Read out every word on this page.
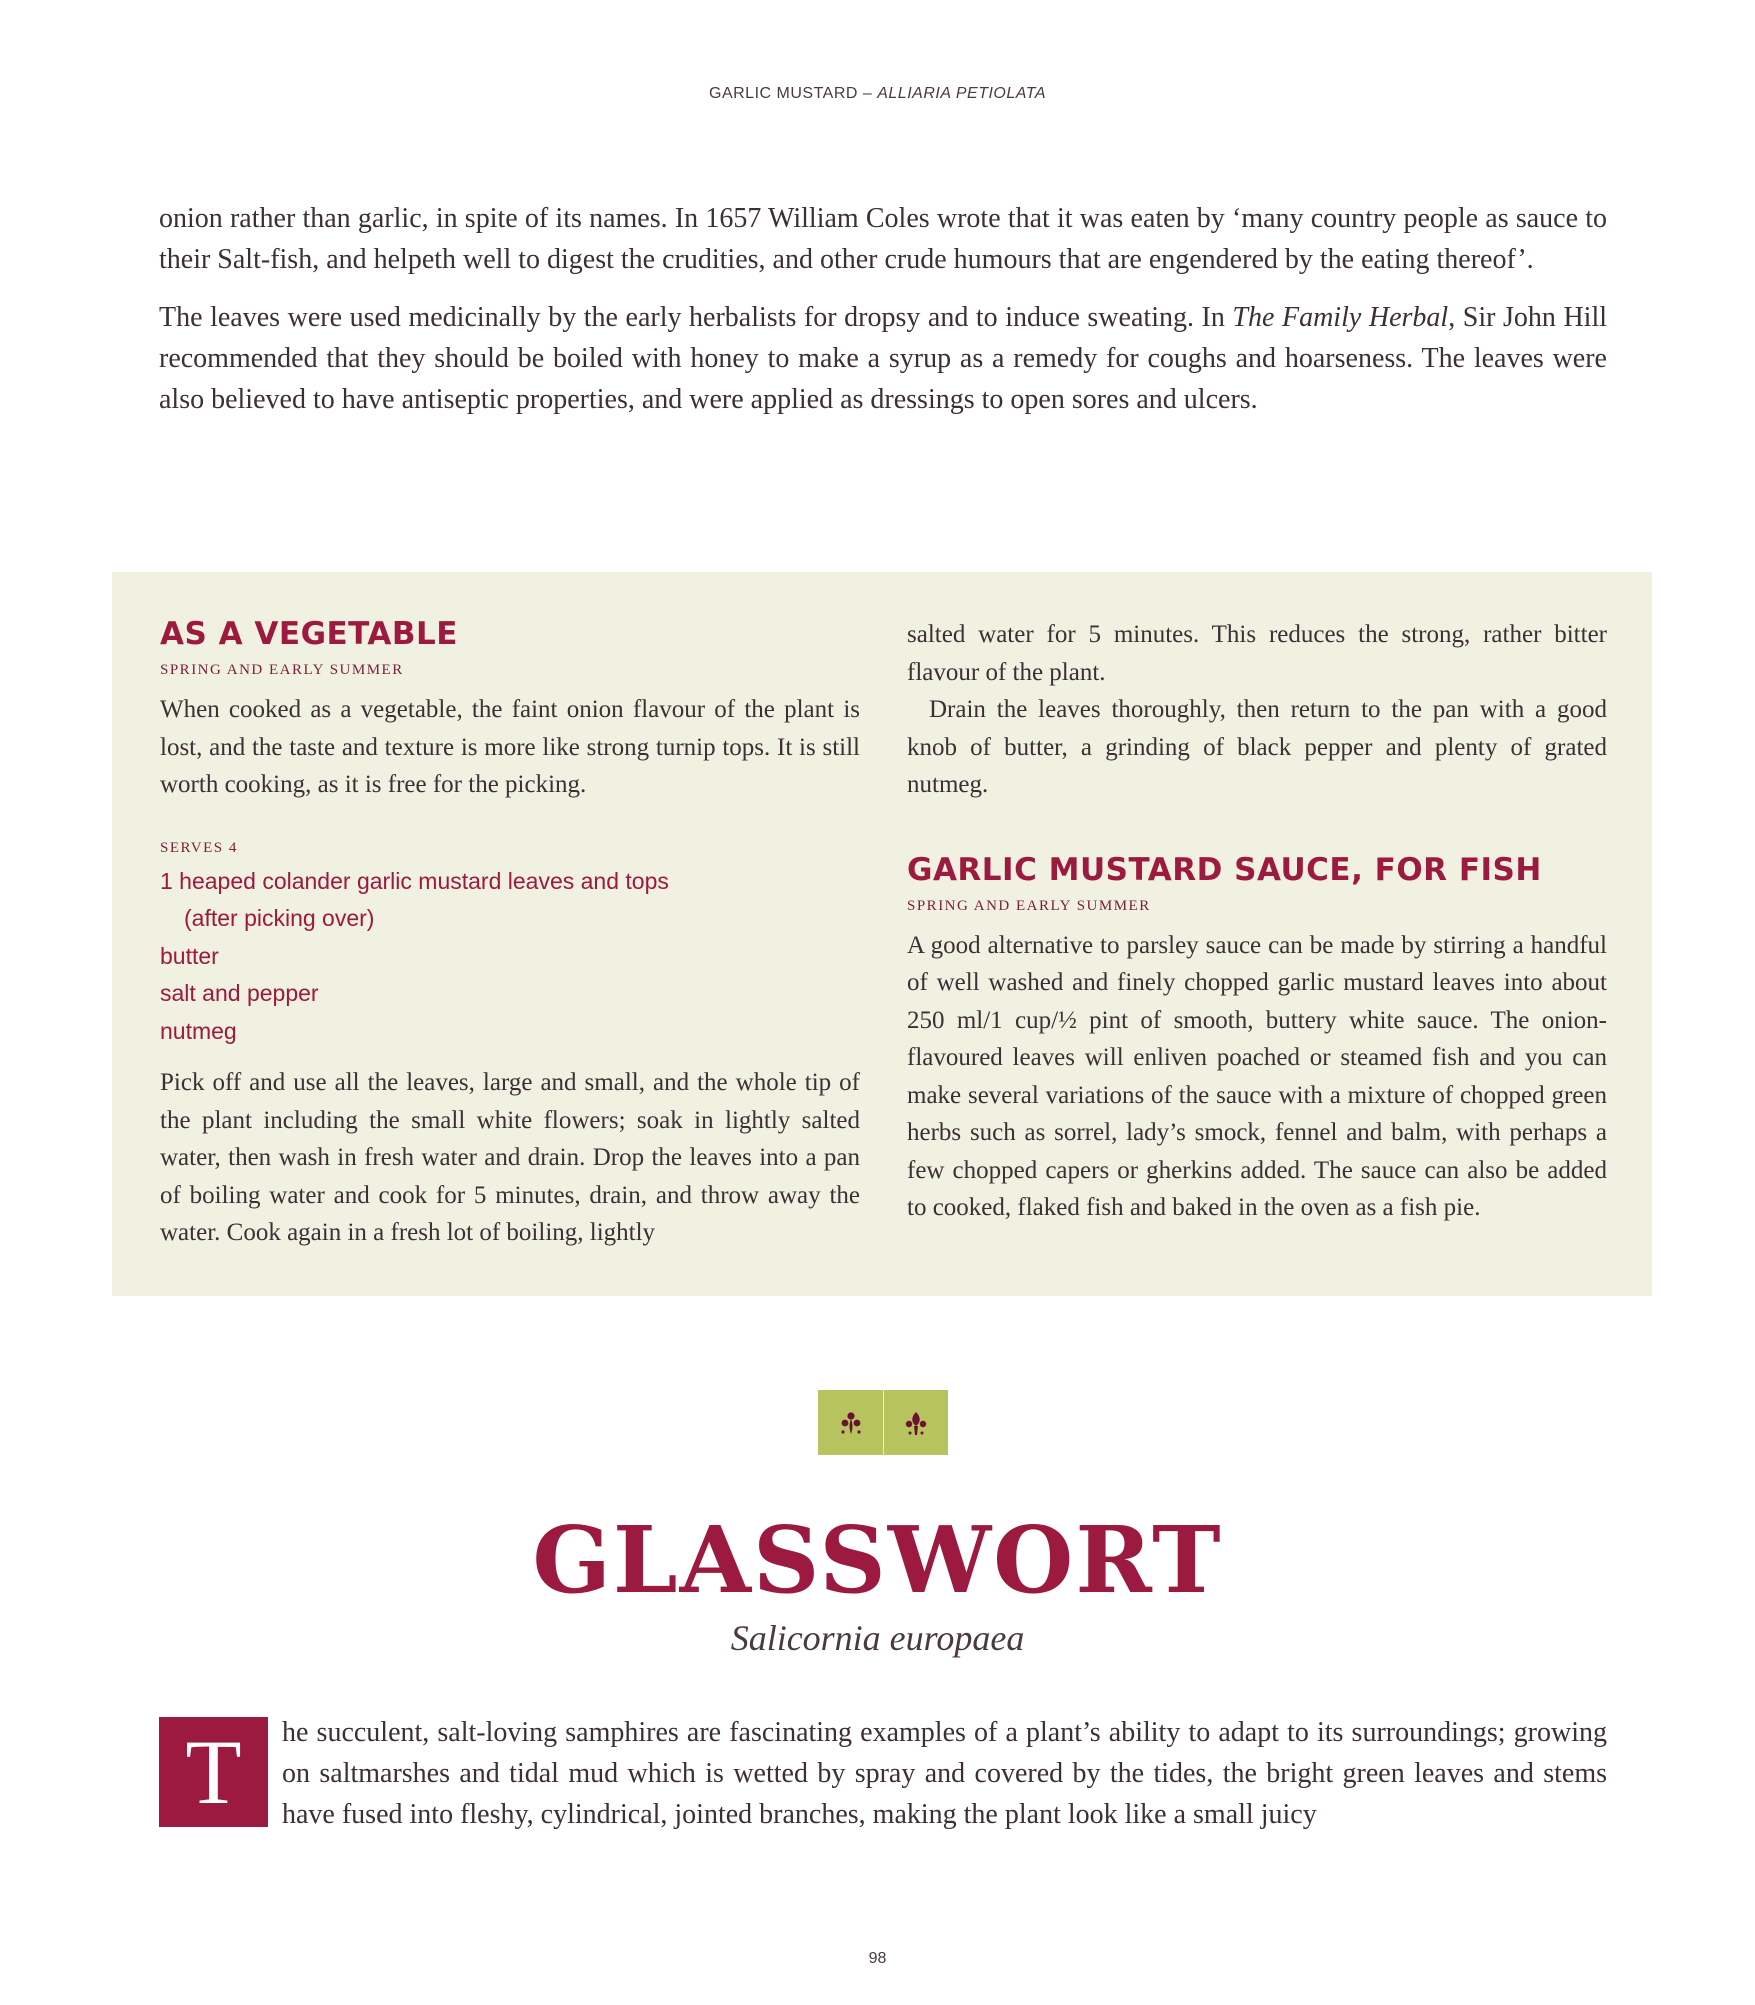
GARLIC MUSTARD – ALLIARIA PETIOLATA

onion rather than garlic, in spite of its names. In 1657 William Coles wrote that it was eaten by ‘many country people as sauce to their Salt-fish, and helpeth well to digest the crudities, and other crude humours that are engendered by the eating thereof’.

The leaves were used medicinally by the early herbalists for dropsy and to induce sweating. In The Family Herbal, Sir John Hill recommended that they should be boiled with honey to make a syrup as a remedy for coughs and hoarseness. The leaves were also believed to have antiseptic properties, and were applied as dressings to open sores and ulcers.

AS A VEGETABLE
SPRING AND EARLY SUMMER

When cooked as a vegetable, the faint onion flavour of the plant is lost, and the taste and texture is more like strong turnip tops. It is still worth cooking, as it is free for the picking.

SERVES 4
1 heaped colander garlic mustard leaves and tops
(after picking over)
butter
salt and pepper
nutmeg

Pick off and use all the leaves, large and small, and the whole tip of the plant including the small white flowers; soak in lightly salted water, then wash in fresh water and drain. Drop the leaves into a pan of boiling water and cook for 5 minutes, drain, and throw away the water. Cook again in a fresh lot of boiling, lightly

salted water for 5 minutes. This reduces the strong, rather bitter flavour of the plant.

Drain the leaves thoroughly, then return to the pan with a good knob of butter, a grinding of black pepper and plenty of grated nutmeg.

GARLIC MUSTARD SAUCE, FOR FISH
SPRING AND EARLY SUMMER

A good alternative to parsley sauce can be made by stirring a handful of well washed and finely chopped garlic mustard leaves into about 250 ml/1 cup/½ pint of smooth, buttery white sauce. The onion-flavoured leaves will enliven poached or steamed fish and you can make several variations of the sauce with a mixture of chopped green herbs such as sorrel, lady’s smock, fennel and balm, with perhaps a few chopped capers or gherkins added. The sauce can also be added to cooked, flaked fish and baked in the oven as a fish pie.

GLASSWORT
Salicornia europaea
T	he succulent, salt-loving samphires are fascinating examples of a plant’s ability to adapt to its surroundings; growing on saltmarshes and tidal mud which is wetted by spray and covered by the tides, the bright green leaves and stems have fused into fleshy, cylindrical, jointed branches, making the plant look like a small juicy

98
